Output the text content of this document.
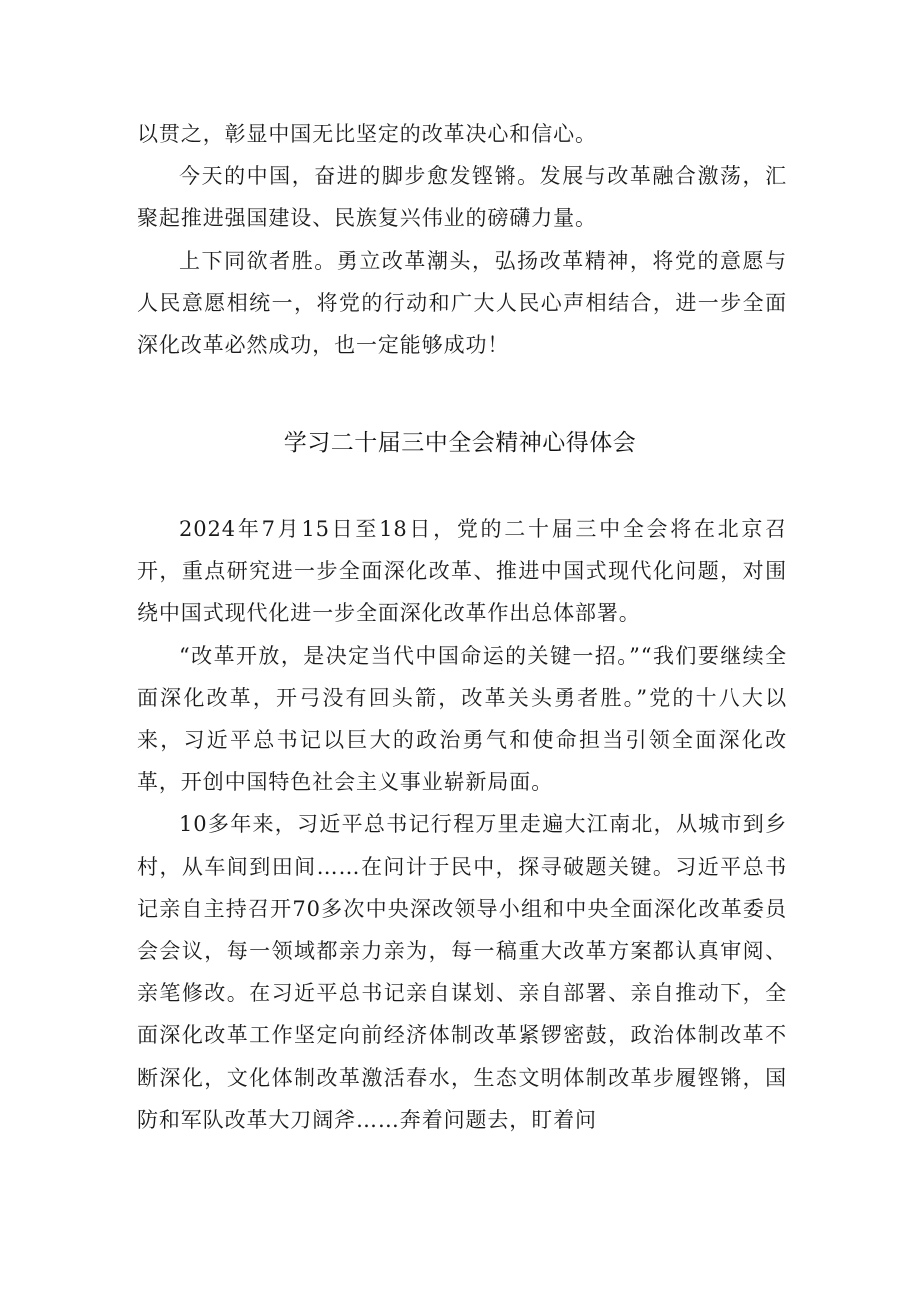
以贯之，彰显中国无比坚定的改革决心和信心。

今天的中国，奋进的脚步愈发铿锵。发展与改革融合激荡，汇聚起推进强国建设、民族复兴伟业的磅礴力量。

上下同欲者胜。勇立改革潮头，弘扬改革精神，将党的意愿与人民意愿相统一，将党的行动和广大人民心声相结合，进一步全面深化改革必然成功，也一定能够成功！

学习二十届三中全会精神心得体会

2024年7月15日至18日，党的二十届三中全会将在北京召开，重点研究进一步全面深化改革、推进中国式现代化问题，对围绕中国式现代化进一步全面深化改革作出总体部署。

“改革开放，是决定当代中国命运的关键一招。”“我们要继续全面深化改革，开弓没有回头箭，改革关头勇者胜。”党的十八大以来，习近平总书记以巨大的政治勇气和使命担当引领全面深化改革，开创中国特色社会主义事业崭新局面。

10多年来，习近平总书记行程万里走遍大江南北，从城市到乡村，从车间到田间……在问计于民中，探寻破题关键。习近平总书记亲自主持召开70多次中央深改领导小组和中央全面深化改革委员会会议，每一领域都亲力亲为，每一稿重大改革方案都认真审阅、亲笔修改。在习近平总书记亲自谋划、亲自部署、亲自推动下，全面深化改革工作坚定向前经济体制改革紧锣密鼓，政治体制改革不断深化，文化体制改革激活春水，生态文明体制改革步履铿锵，国防和军队改革大刀阔斧……奔着问题去，盯着问
